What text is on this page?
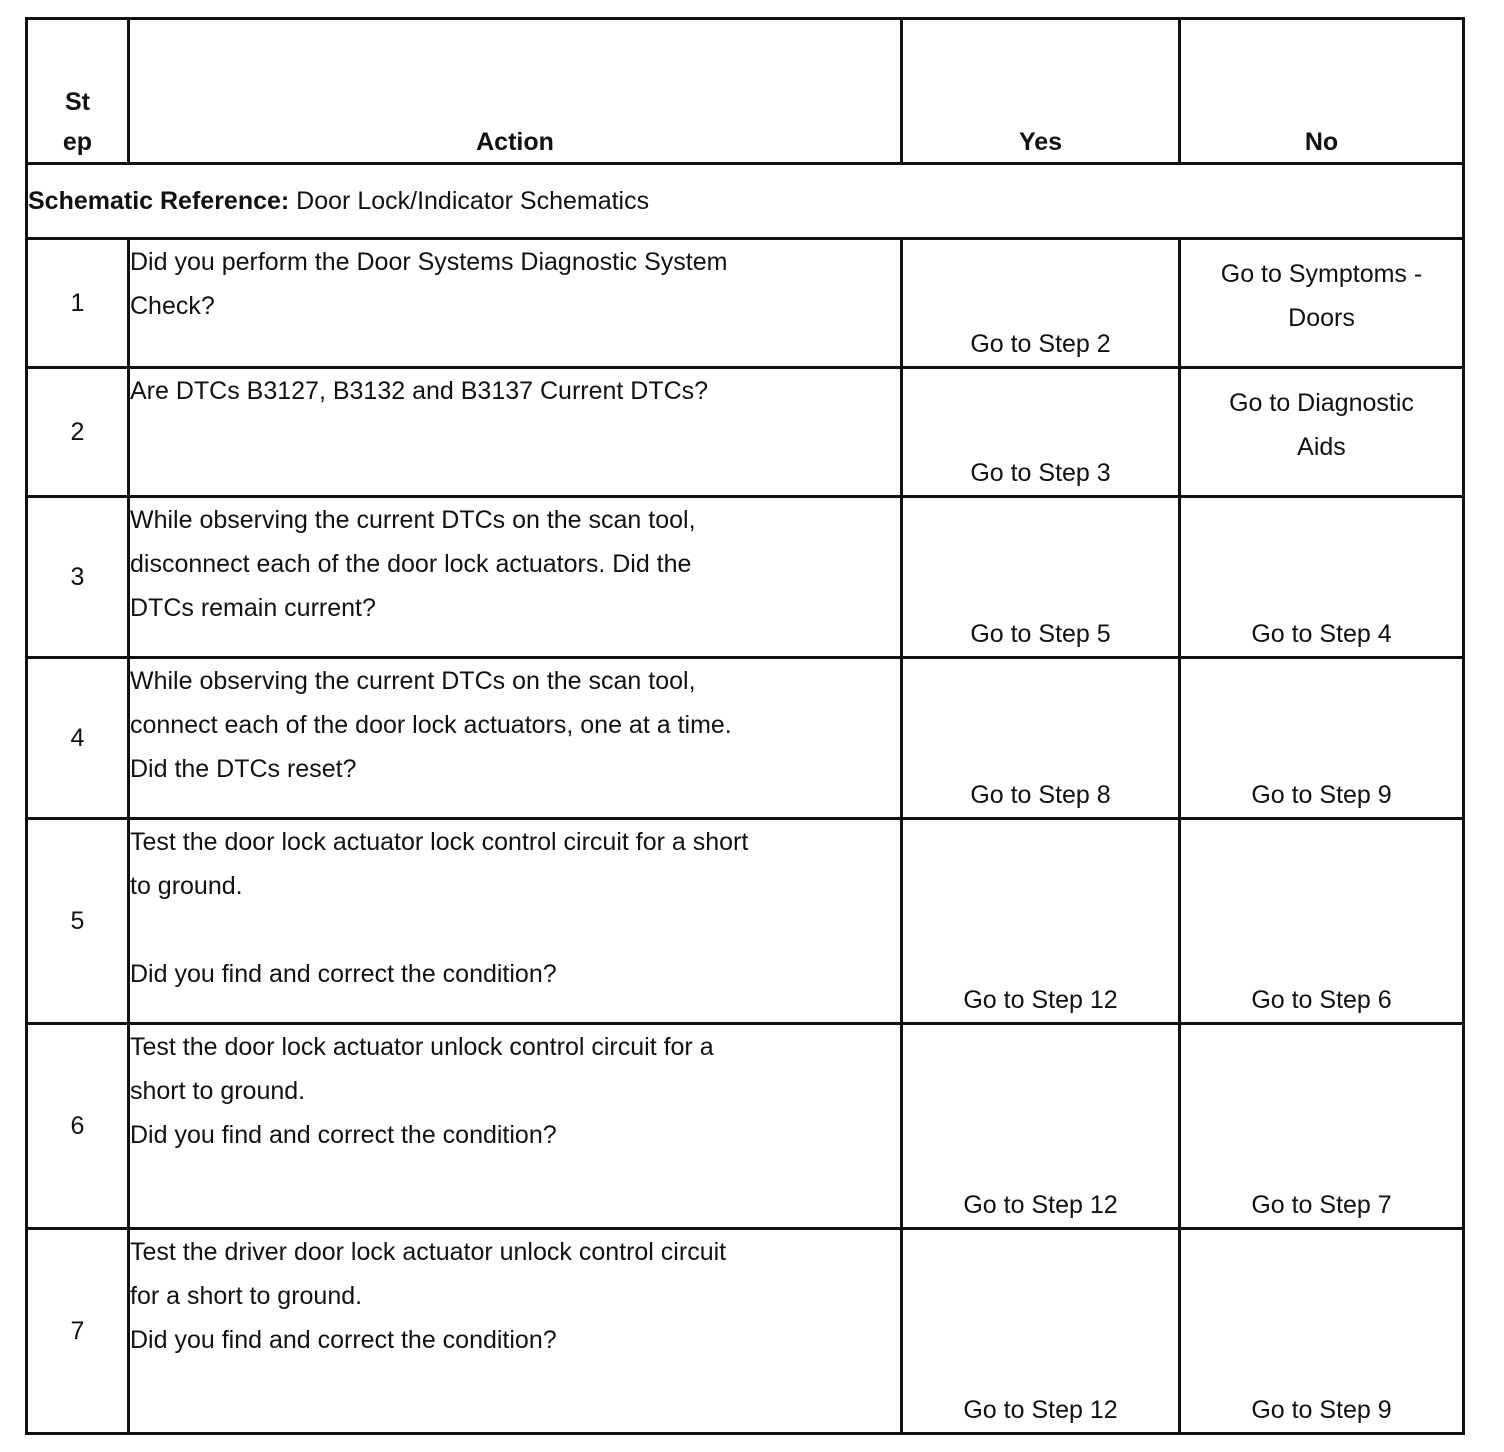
St
ep	Action	Yes	No
Schematic Reference: Door Lock/Indicator Schematics			
1	Did you perform the Door Systems Diagnostic System
Check?	Go to Step 2	Go to Symptoms -
Doors

2	Are DTCs B3127, B3132 and B3137 Current DTCs?	Go to Step 3	Go to Diagnostic
Aids

3	While observing the current DTCs on the scan tool,
disconnect each of the door lock actuators. Did the
DTCs remain current?	Go to Step 5	Go to Step 4
4	While observing the current DTCs on the scan tool,
connect each of the door lock actuators, one at a time.
Did the DTCs reset?	Go to Step 8	Go to Step 9
5	Test the door lock actuator lock control circuit for a short
to ground.
Did you find and correct the condition?	Go to Step 12	Go to Step 6
6	Test the door lock actuator unlock control circuit for a
short to ground.
Did you find and correct the condition?	Go to Step 12	Go to Step 7
7	Test the driver door lock actuator unlock control circuit
for a short to ground.
Did you find and correct the condition?	Go to Step 12	Go to Step 9
